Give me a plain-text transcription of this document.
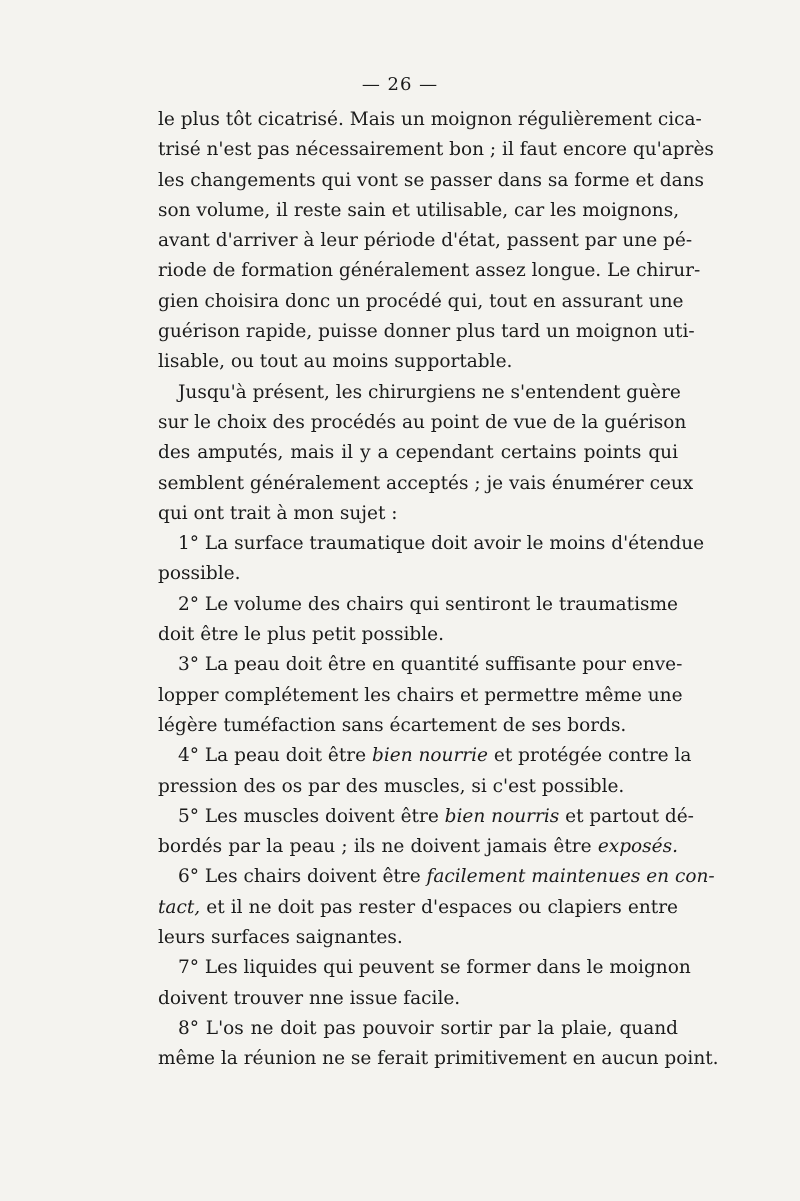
— 26 —
le plus tôt cicatrisé. Mais un moignon régulièrement cica-
trisé n'est pas nécessairement bon ; il faut encore qu'après
les changements qui vont se passer dans sa forme et dans
son volume, il reste sain et utilisable, car les moignons,
avant d'arriver à leur période d'état, passent par une pé-
riode de formation généralement assez longue. Le chirur-
gien choisira donc un procédé qui, tout en assurant une
guérison rapide, puisse donner plus tard un moignon uti-
lisable, ou tout au moins supportable.
Jusqu'à présent, les chirurgiens ne s'entendent guère
sur le choix des procédés au point de vue de la guérison
des amputés, mais il y a cependant certains points qui
semblent généralement acceptés ; je vais énumérer ceux
qui ont trait à mon sujet :
1° La surface traumatique doit avoir le moins d'étendue
possible.
2° Le volume des chairs qui sentiront le traumatisme
doit être le plus petit possible.
3° La peau doit être en quantité suffisante pour enve-
lopper complétement les chairs et permettre même une
légère tuméfaction sans écartement de ses bords.
4° La peau doit être bien nourrie et protégée contre la
pression des os par des muscles, si c'est possible.
5° Les muscles doivent être bien nourris et partout dé-
bordés par la peau ; ils ne doivent jamais être exposés.
6° Les chairs doivent être facilement maintenues en con-
tact, et il ne doit pas rester d'espaces ou clapiers entre
leurs surfaces saignantes.
7° Les liquides qui peuvent se former dans le moignon
doivent trouver nne issue facile.
8° L'os ne doit pas pouvoir sortir par la plaie, quand
même la réunion ne se ferait primitivement en aucun point.
